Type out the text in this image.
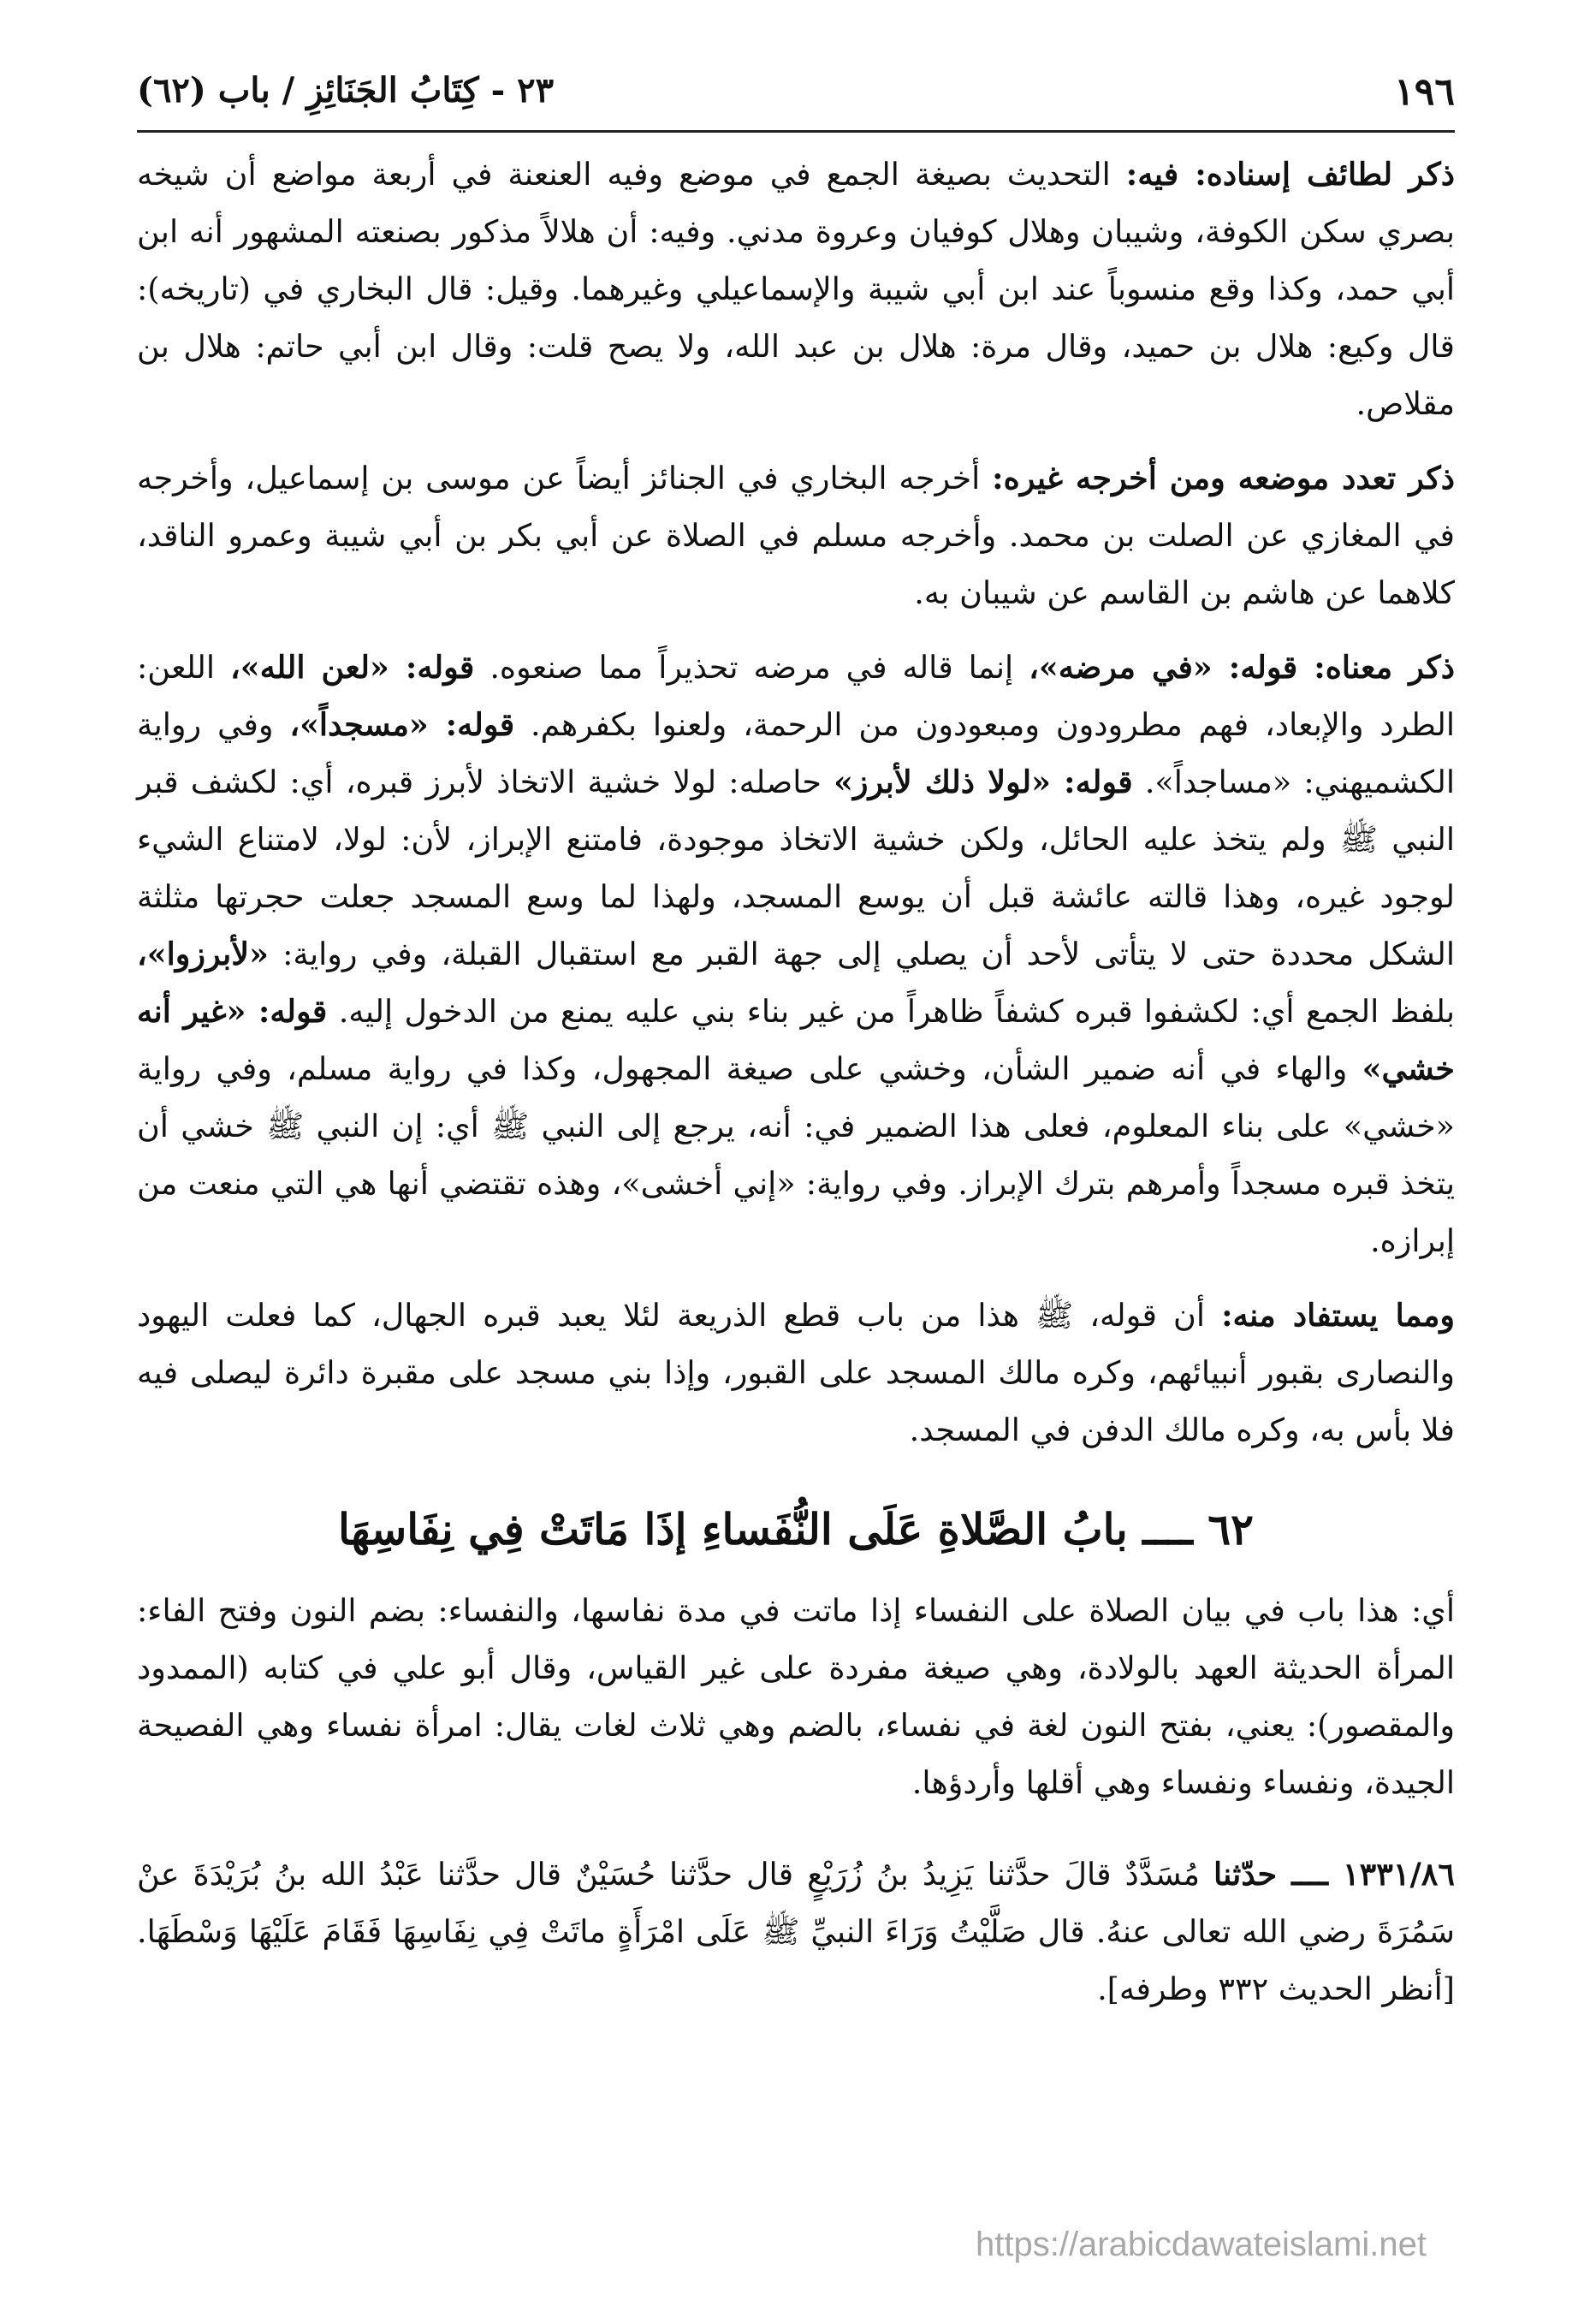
١٩٦
٢٣ - كِتَابُ الجَنَائِزِ / باب (٦٢)

ذكر لطائف إسناده: فيه: التحديث بصيغة الجمع في موضع وفيه العنعنة في أربعة مواضع أن شيخه بصري سكن الكوفة، وشيبان وهلال كوفيان وعروة مدني. وفيه: أن هلالاً مذكور بصنعته المشهور أنه ابن أبي حمد، وكذا وقع منسوباً عند ابن أبي شيبة والإسماعيلي وغيرهما. وقيل: قال البخاري في (تاريخه): قال وكيع: هلال بن حميد، وقال مرة: هلال بن عبد الله، ولا يصح قلت: وقال ابن أبي حاتم: هلال بن مقلاص.

ذكر تعدد موضعه ومن أخرجه غيره: أخرجه البخاري في الجنائز أيضاً عن موسى بن إسماعيل، وأخرجه في المغازي عن الصلت بن محمد. وأخرجه مسلم في الصلاة عن أبي بكر بن أبي شيبة وعمرو الناقد، كلاهما عن هاشم بن القاسم عن شيبان به.

ذكر معناه: قوله: «في مرضه»، إنما قاله في مرضه تحذيراً مما صنعوه. قوله: «لعن الله»، اللعن: الطرد والإبعاد، فهم مطرودون ومبعودون من الرحمة، ولعنوا بكفرهم. قوله: «مسجداً»، وفي رواية الكشميهني: «مساجداً». قوله: «لولا ذلك لأبرز» حاصله: لولا خشية الاتخاذ لأبرز قبره، أي: لكشف قبر النبي ﷺ ولم يتخذ عليه الحائل، ولكن خشية الاتخاذ موجودة، فامتنع الإبراز، لأن: لولا، لامتناع الشيء لوجود غيره، وهذا قالته عائشة قبل أن يوسع المسجد، ولهذا لما وسع المسجد جعلت حجرتها مثلثة الشكل محددة حتى لا يتأتى لأحد أن يصلي إلى جهة القبر مع استقبال القبلة، وفي رواية: «لأبرزوا»، بلفظ الجمع أي: لكشفوا قبره كشفاً ظاهراً من غير بناء بني عليه يمنع من الدخول إليه. قوله: «غير أنه خشي» والهاء في أنه ضمير الشأن، وخشي على صيغة المجهول، وكذا في رواية مسلم، وفي رواية «خشي» على بناء المعلوم، فعلى هذا الضمير في: أنه، يرجع إلى النبي ﷺ أي: إن النبي ﷺ خشي أن يتخذ قبره مسجداً وأمرهم بترك الإبراز. وفي رواية: «إني أخشى»، وهذه تقتضي أنها هي التي منعت من إبرازه.

ومما يستفاد منه: أن قوله، ﷺ هذا من باب قطع الذريعة لئلا يعبد قبره الجهال، كما فعلت اليهود والنصارى بقبور أنبيائهم، وكره مالك المسجد على القبور، وإذا بني مسجد على مقبرة دائرة ليصلى فيه فلا بأس به، وكره مالك الدفن في المسجد.

٦٢ ــــ بابُ الصَّلاةِ عَلَى النُّفَساءِ إذَا مَاتَتْ فِي نِفَاسِهَا

أي: هذا باب في بيان الصلاة على النفساء إذا ماتت في مدة نفاسها، والنفساء: بضم النون وفتح الفاء: المرأة الحديثة العهد بالولادة، وهي صيغة مفردة على غير القياس، وقال أبو علي في كتابه (الممدود والمقصور): يعني، بفتح النون لغة في نفساء، بالضم وهي ثلاث لغات يقال: امرأة نفساء وهي الفصيحة الجيدة، ونفساء ونفساء وهي أقلها وأردؤها.

١٣٣١/٨٦ ــــ حدّثنا مُسَدَّدٌ قالَ حدَّثنا يَزِيدُ بنُ زُرَيْعٍ قال حدَّثنا حُسَيْنٌ قال حدَّثنا عَبْدُ الله بنُ بُرَيْدَةَ عنْ سَمُرَةَ رضي الله تعالى عنهُ. قال صَلَّيْتُ وَرَاءَ النبيِّ ﷺ عَلَى امْرَأَةٍ ماتَتْ فِي نِفَاسِهَا فَقَامَ عَلَيْهَا وَسْطَهَا. [أنظر الحديث ٣٣٢ وطرفه].

https://arabicdawateislami.net
